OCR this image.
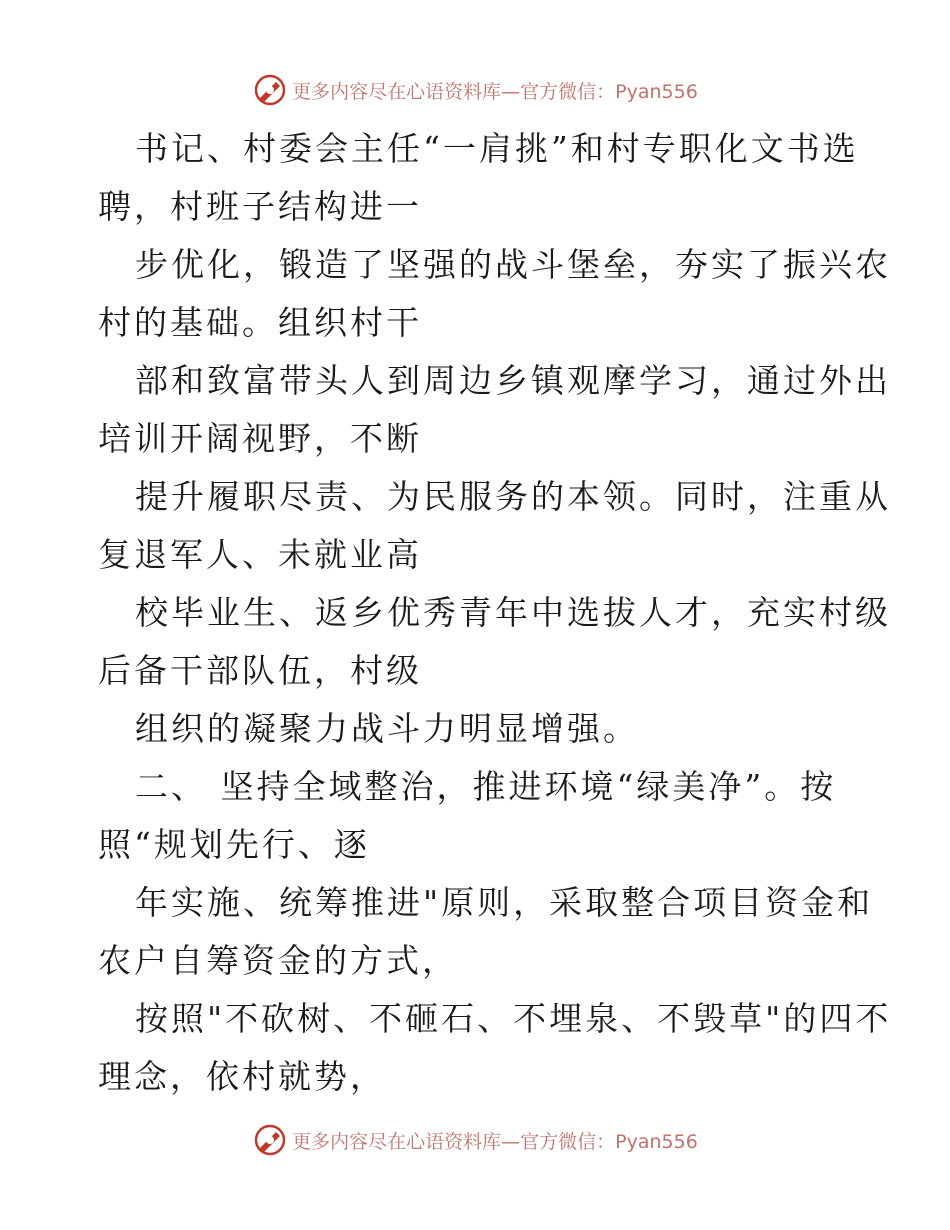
更多内容尽在心语资料库—官方微信：Pyan556
书记、村委会主任“一肩挑”和村专职化文书选
聘，村班子结构进一
步优化，锻造了坚强的战斗堡垒，夯实了振兴农
村的基础。组织村干
部和致富带头人到周边乡镇观摩学习，通过外出
培训开阔视野，不断
提升履职尽责、为民服务的本领。同时，注重从
复退军人、未就业高
校毕业生、返乡优秀青年中选拔人才，充实村级
后备干部队伍，村级
组织的凝聚力战斗力明显增强。
二、 坚持全域整治，推进环境“绿美净”。按
照“规划先行、逐
年实施、统筹推进"原则，采取整合项目资金和
农户自筹资金的方式，
按照"不砍树、不砸石、不埋泉、不毁草"的四不
理念，依村就势，
更多内容尽在心语资料库—官方微信：Pyan556
